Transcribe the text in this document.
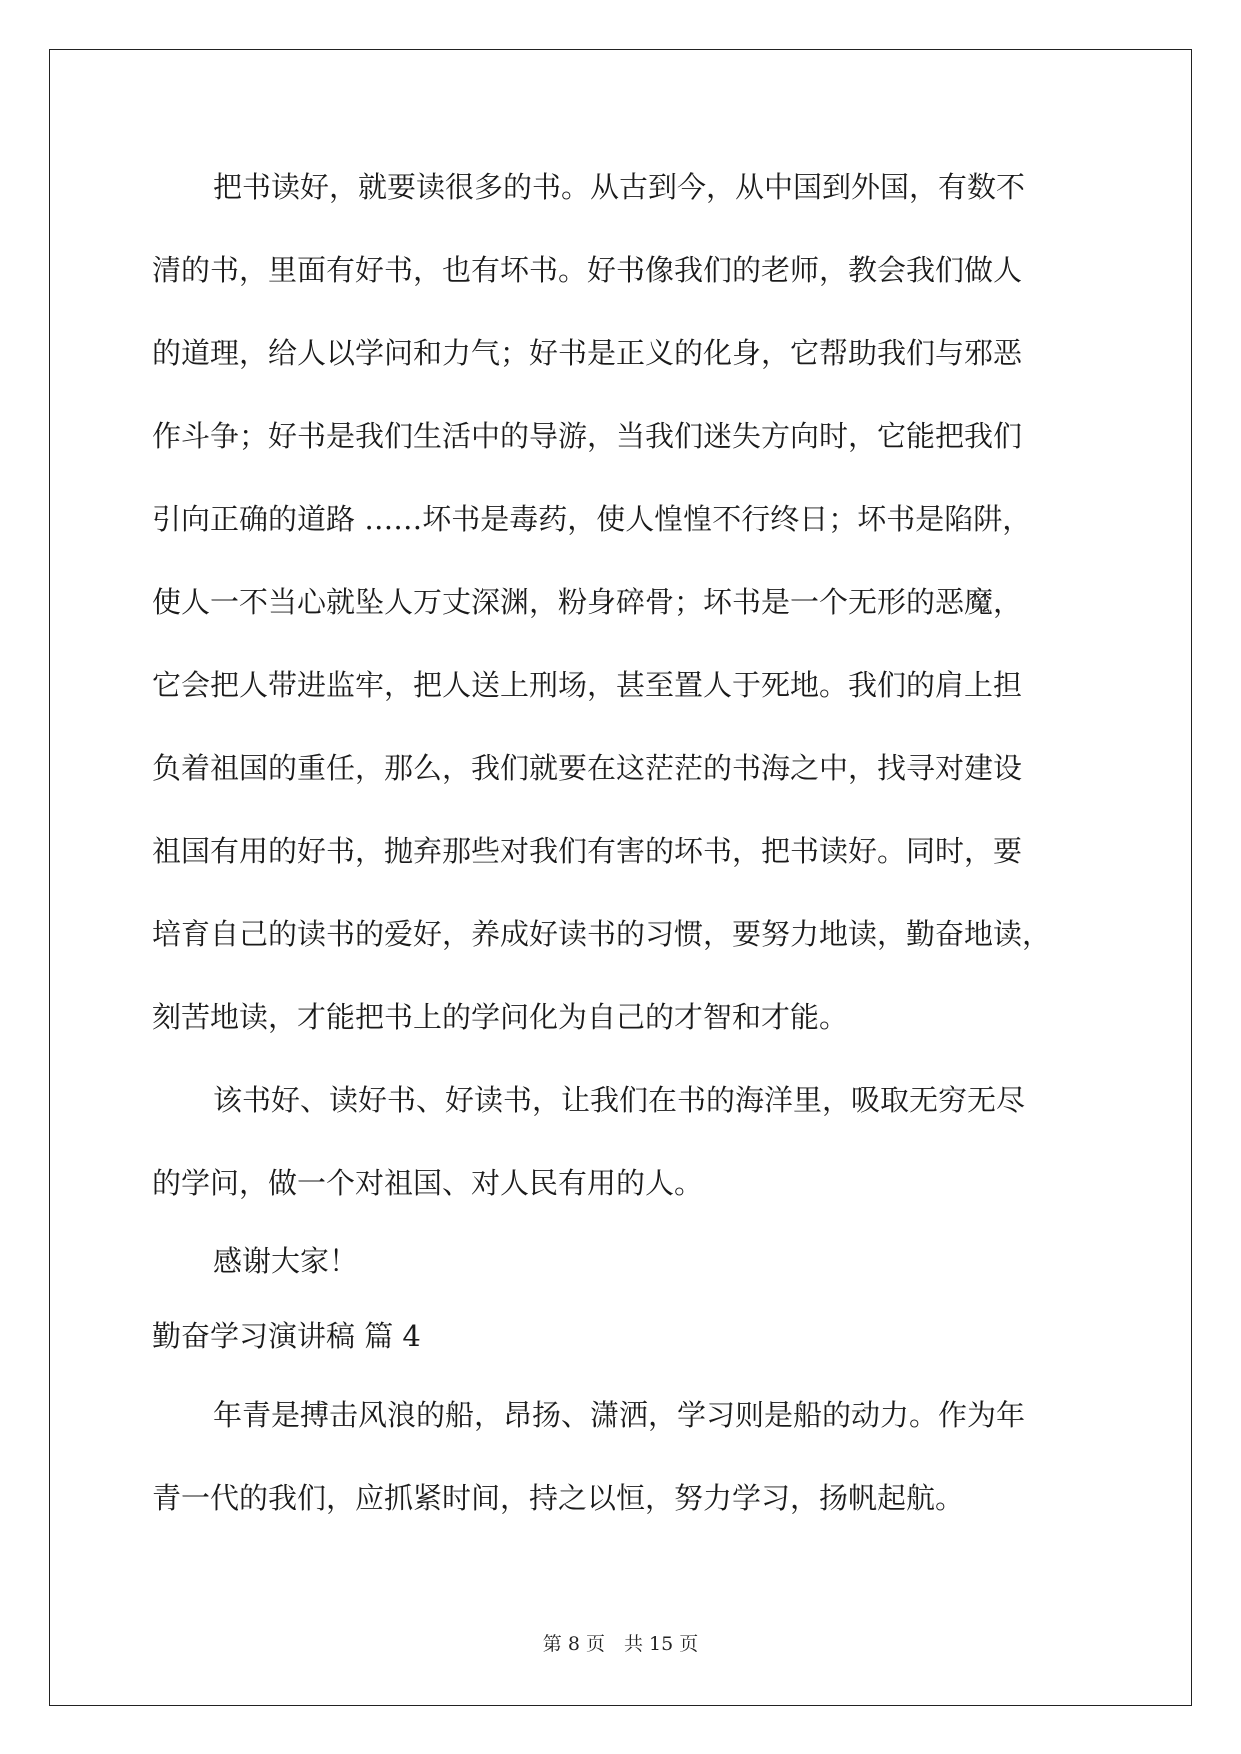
把书读好，就要读很多的书。从古到今，从中国到外国，有数不
清的书，里面有好书，也有坏书。好书像我们的老师，教会我们做人
的道理，给人以学问和力气；好书是正义的化身，它帮助我们与邪恶
作斗争；好书是我们生活中的导游，当我们迷失方向时，它能把我们
引向正确的道路 ……坏书是毒药，使人惶惶不行终日；坏书是陷阱，
使人一不当心就坠人万丈深渊，粉身碎骨；坏书是一个无形的恶魔，
它会把人带进监牢，把人送上刑场，甚至置人于死地。我们的肩上担
负着祖国的重任，那么，我们就要在这茫茫的书海之中，找寻对建设
祖国有用的好书，抛弃那些对我们有害的坏书，把书读好。同时，要
培育自己的读书的爱好，养成好读书的习惯，要努力地读，勤奋地读，
刻苦地读，才能把书上的学问化为自己的才智和才能。
该书好、读好书、好读书，让我们在书的海洋里，吸取无穷无尽
的学问，做一个对祖国、对人民有用的人。
感谢大家！
勤奋学习演讲稿 篇 4
年青是搏击风浪的船，昂扬、潇洒，学习则是船的动力。作为年
青一代的我们，应抓紧时间，持之以恒，努力学习，扬帆起航。
第 8 页　共 15 页
